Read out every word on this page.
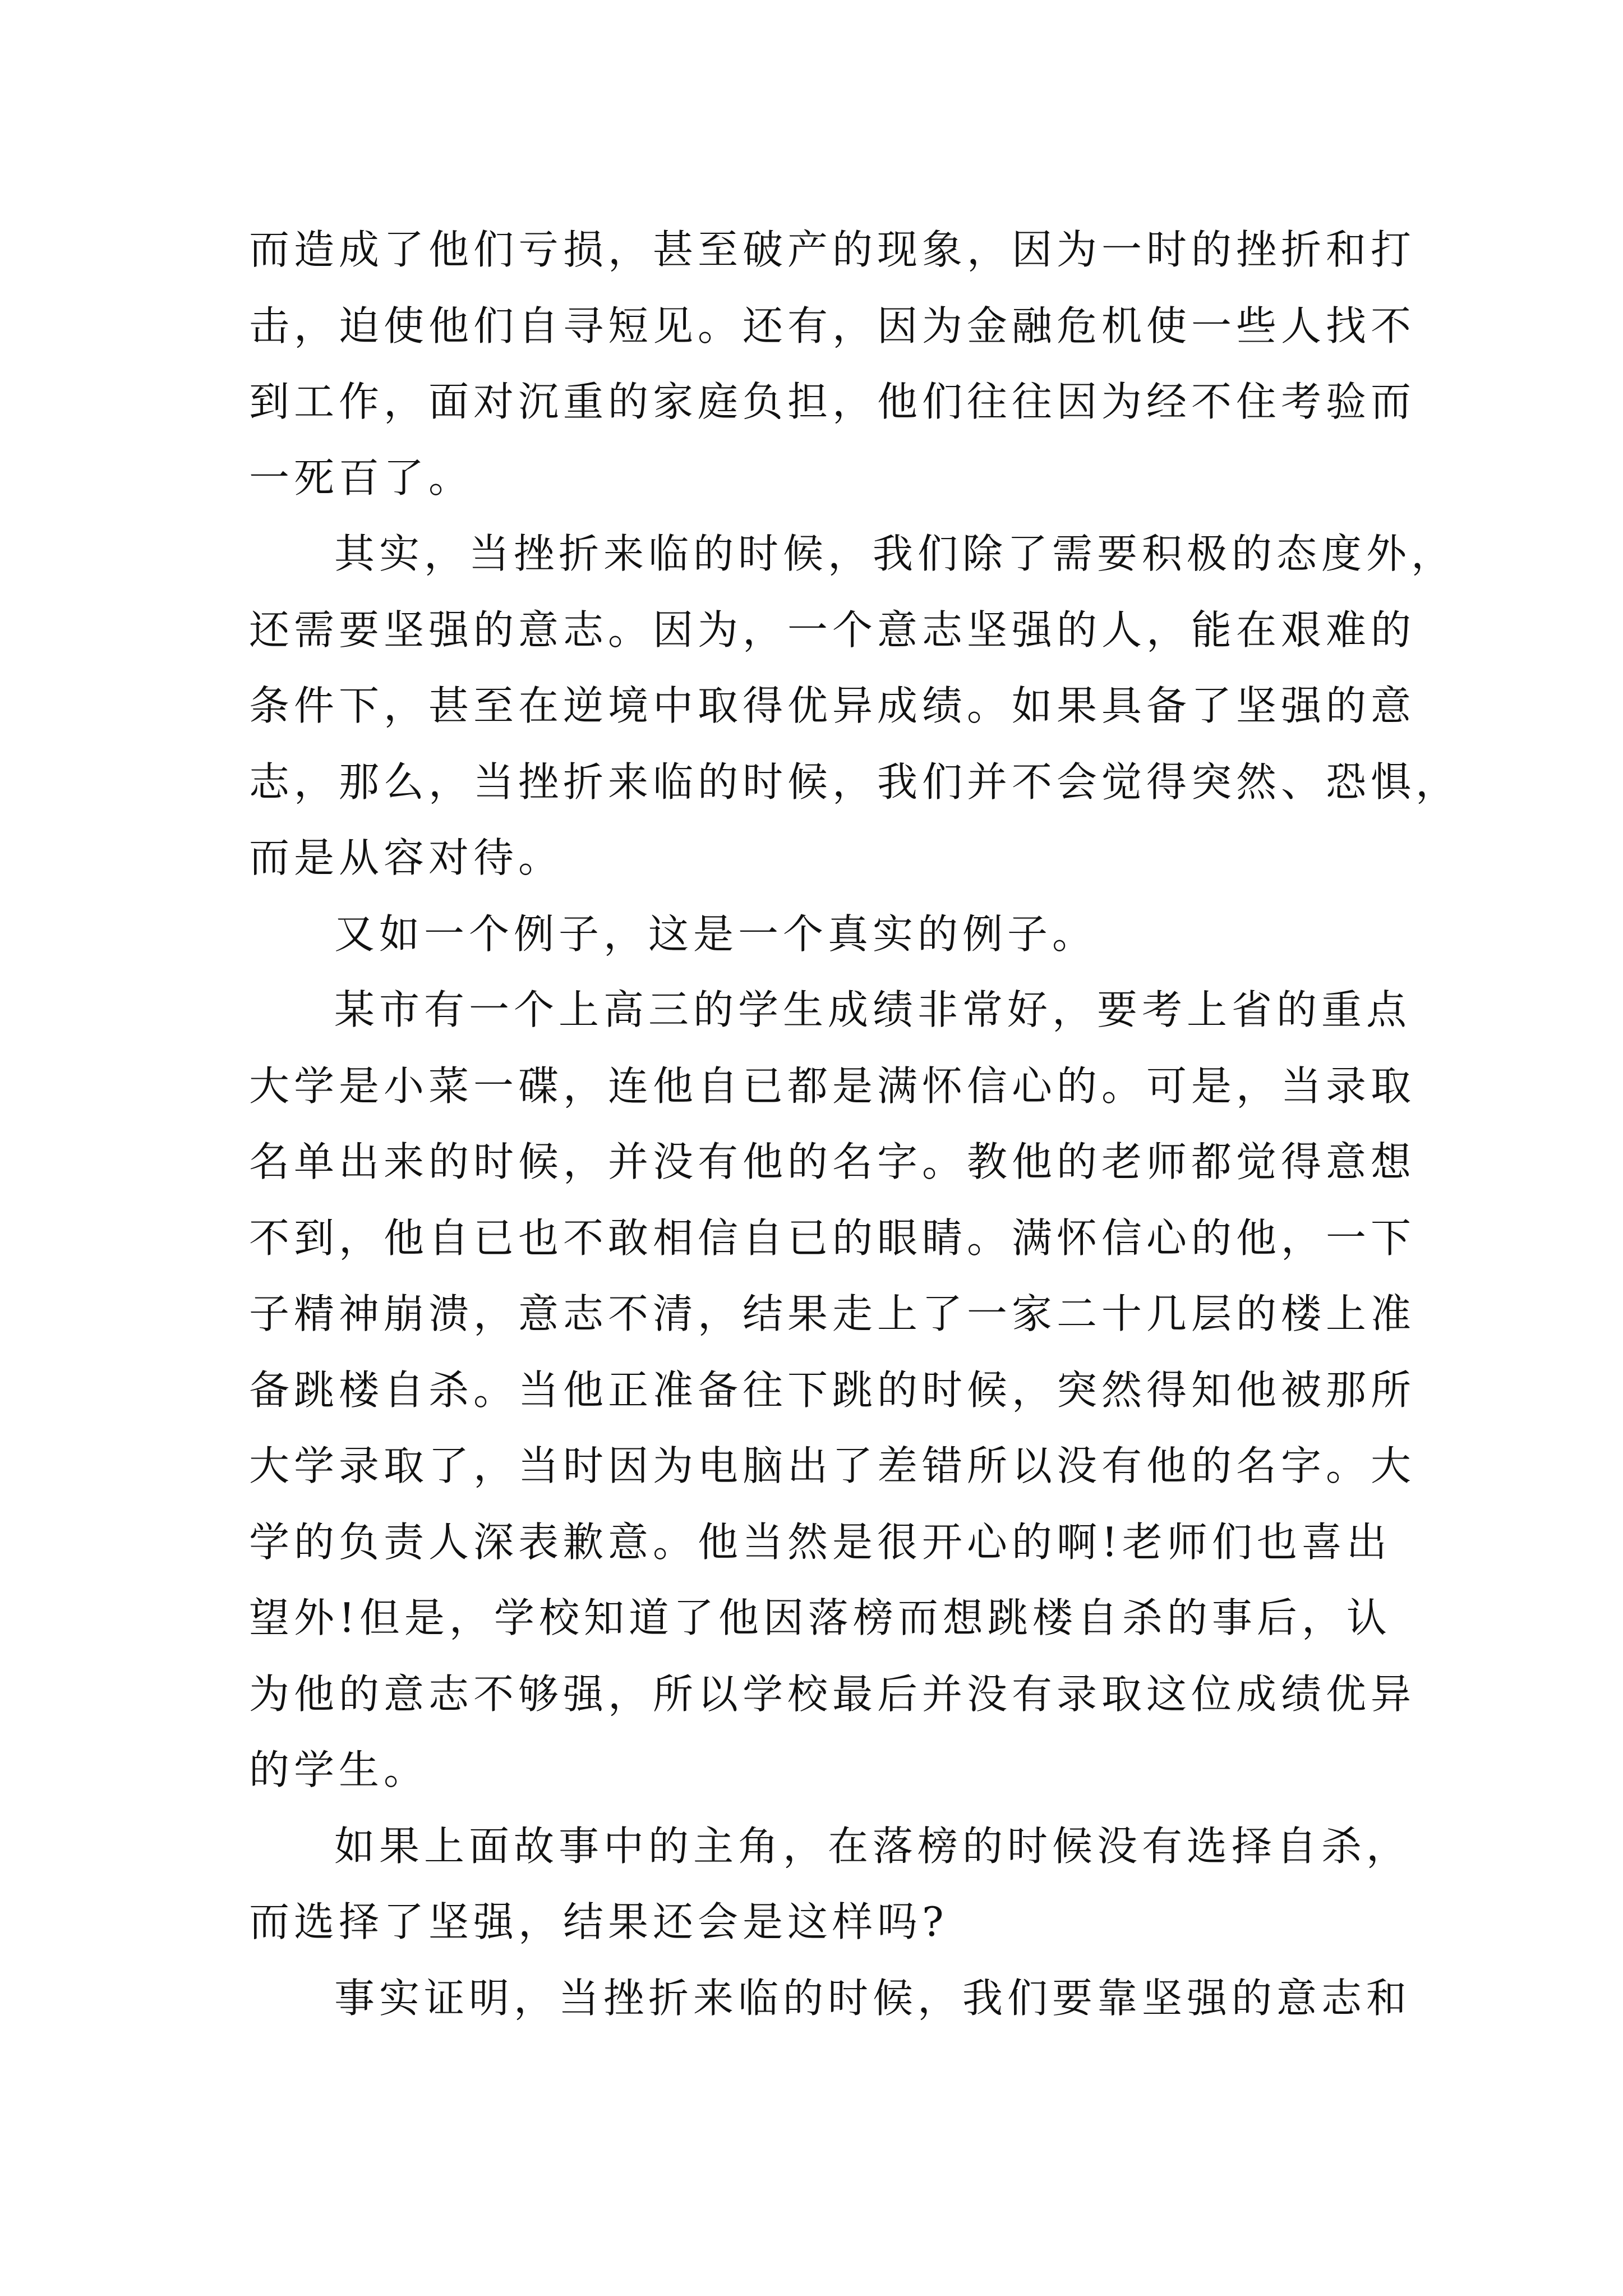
而造成了他们亏损，甚至破产的现象，因为一时的挫折和打
击，迫使他们自寻短见。还有，因为金融危机使一些人找不
到工作，面对沉重的家庭负担，他们往往因为经不住考验而
一死百了。
其实，当挫折来临的时候，我们除了需要积极的态度外，
还需要坚强的意志。因为，一个意志坚强的人，能在艰难的
条件下，甚至在逆境中取得优异成绩。如果具备了坚强的意
志，那么，当挫折来临的时候，我们并不会觉得突然、恐惧，
而是从容对待。
又如一个例子，这是一个真实的例子。
某市有一个上高三的学生成绩非常好，要考上省的重点
大学是小菜一碟，连他自已都是满怀信心的。可是，当录取
名单出来的时候，并没有他的名字。教他的老师都觉得意想
不到，他自已也不敢相信自已的眼睛。满怀信心的他，一下
子精神崩溃，意志不清，结果走上了一家二十几层的楼上准
备跳楼自杀。当他正准备往下跳的时候，突然得知他被那所
大学录取了，当时因为电脑出了差错所以没有他的名字。大
学的负责人深表歉意。他当然是很开心的啊!老师们也喜出
望外!但是，学校知道了他因落榜而想跳楼自杀的事后，认
为他的意志不够强，所以学校最后并没有录取这位成绩优异
的学生。
如果上面故事中的主角，在落榜的时候没有选择自杀，
而选择了坚强，结果还会是这样吗?
事实证明，当挫折来临的时候，我们要靠坚强的意志和
